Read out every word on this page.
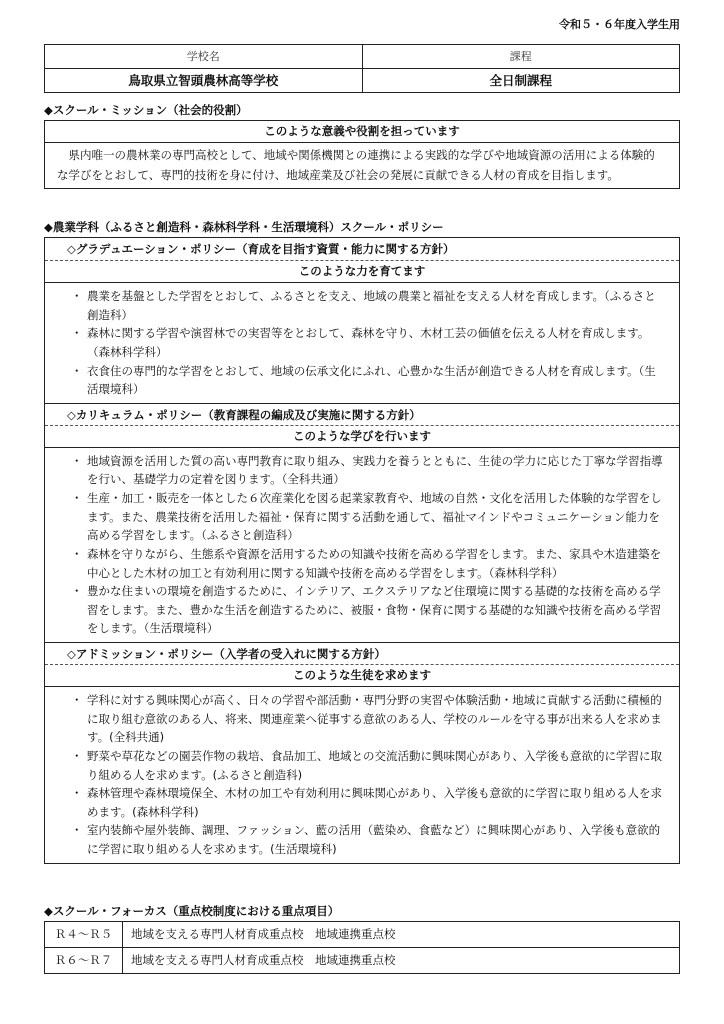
令和５・６年度入学生用
学校名	課程
鳥取県立智頭農林高等学校	全日制課程
◆スクール・ミッション（社会的役割）
このような意義や役割を担っています
県内唯一の農林業の専門高校として、地域や関係機関との連携による実践的な学びや地域資源の活用による体験的な学びをとおして、専門的技術を身に付け、地域産業及び社会の発展に貢献できる人材の育成を目指します。
◆農業学科（ふるさと創造科・森林科学科・生活環境科）スクール・ポリシー
◇グラデュエーション・ポリシー（育成を目指す資質・能力に関する方針）
このような力を育てます
・ 農業を基盤とした学習をとおして、ふるさとを支え、地域の農業と福祉を支える人材を育成します。（ふるさと創造科）
・ 森林に関する学習や演習林での実習等をとおして、森林を守り、木材工芸の価値を伝える人材を育成します。（森林科学科）
・ 衣食住の専門的な学習をとおして、地域の伝承文化にふれ、心豊かな生活が創造できる人材を育成します。（生活環境科）
◇カリキュラム・ポリシー（教育課程の編成及び実施に関する方針）
このような学びを行います
・ 地域資源を活用した質の高い専門教育に取り組み、実践力を養うとともに、生徒の学力に応じた丁寧な学習指導を行い、基礎学力の定着を図ります。（全科共通）
・ 生産・加工・販売を一体とした６次産業化を図る起業家教育や、地域の自然・文化を活用した体験的な学習をします。また、農業技術を活用した福祉・保育に関する活動を通して、福祉マインドやコミュニケーション能力を高める学習をします。（ふるさと創造科）
・ 森林を守りながら、生態系や資源を活用するための知識や技術を高める学習をします。また、家具や木造建築を中心とした木材の加工と有効利用に関する知識や技術を高める学習をします。（森林科学科）
・ 豊かな住まいの環境を創造するために、インテリア、エクステリアなど住環境に関する基礎的な技術を高める学習をします。また、豊かな生活を創造するために、被服・食物・保育に関する基礎的な知識や技術を高める学習をします。（生活環境科）
◇アドミッション・ポリシー（入学者の受入れに関する方針）
このような生徒を求めます
・ 学科に対する興味関心が高く、日々の学習や部活動・専門分野の実習や体験活動・地域に貢献する活動に積極的に取り組む意欲のある人、将来、関連産業へ従事する意欲のある人、学校のルールを守る事が出来る人を求めます。(全科共通)
・ 野菜や草花などの園芸作物の栽培、食品加工、地域との交流活動に興味関心があり、入学後も意欲的に学習に取り組める人を求めます。(ふるさと創造科)
・ 森林管理や森林環境保全、木材の加工や有効利用に興味関心があり、入学後も意欲的に学習に取り組める人を求めます。(森林科学科)
・ 室内装飾や屋外装飾、調理、ファッション、藍の活用（藍染め、食藍など）に興味関心があり、入学後も意欲的に学習に取り組める人を求めます。(生活環境科)
◆スクール・フォーカス（重点校制度における重点項目）
Ｒ４～Ｒ５	地域を支える専門人材育成重点校　地域連携重点校
Ｒ６～Ｒ７	地域を支える専門人材育成重点校　地域連携重点校
